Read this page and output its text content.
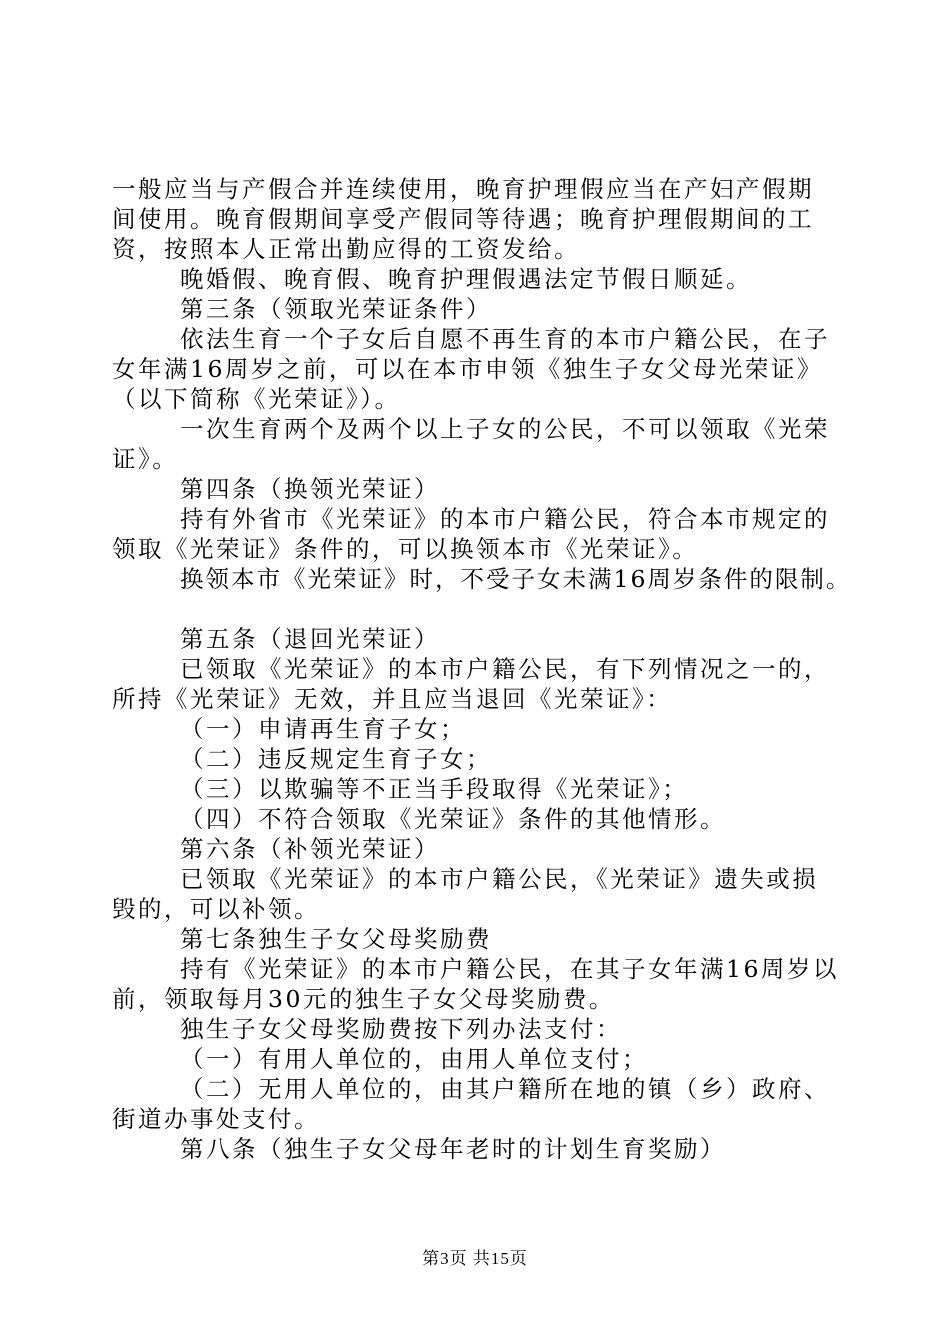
一般应当与产假合并连续使用，晚育护理假应当在产妇产假期
间使用。晚育假期间享受产假同等待遇；晚育护理假期间的工
资，按照本人正常出勤应得的工资发给。
晚婚假、晚育假、晚育护理假遇法定节假日顺延。
第三条（领取光荣证条件）
依法生育一个子女后自愿不再生育的本市户籍公民，在子
女年满16周岁之前，可以在本市申领《独生子女父母光荣证》
（以下简称《光荣证》）。
一次生育两个及两个以上子女的公民，不可以领取《光荣
证》。
第四条（换领光荣证）
持有外省市《光荣证》的本市户籍公民，符合本市规定的
领取《光荣证》条件的，可以换领本市《光荣证》。
换领本市《光荣证》时，不受子女未满16周岁条件的限制。
第五条（退回光荣证）
已领取《光荣证》的本市户籍公民，有下列情况之一的，
所持《光荣证》无效，并且应当退回《光荣证》：
（一）申请再生育子女；
（二）违反规定生育子女；
（三）以欺骗等不正当手段取得《光荣证》；
（四）不符合领取《光荣证》条件的其他情形。
第六条（补领光荣证）
已领取《光荣证》的本市户籍公民，《光荣证》遗失或损
毁的，可以补领。
第七条独生子女父母奖励费
持有《光荣证》的本市户籍公民，在其子女年满16周岁以
前，领取每月30元的独生子女父母奖励费。
独生子女父母奖励费按下列办法支付：
（一）有用人单位的，由用人单位支付；
（二）无用人单位的，由其户籍所在地的镇（乡）政府、
街道办事处支付。
第八条（独生子女父母年老时的计划生育奖励）
第3页 共15页
